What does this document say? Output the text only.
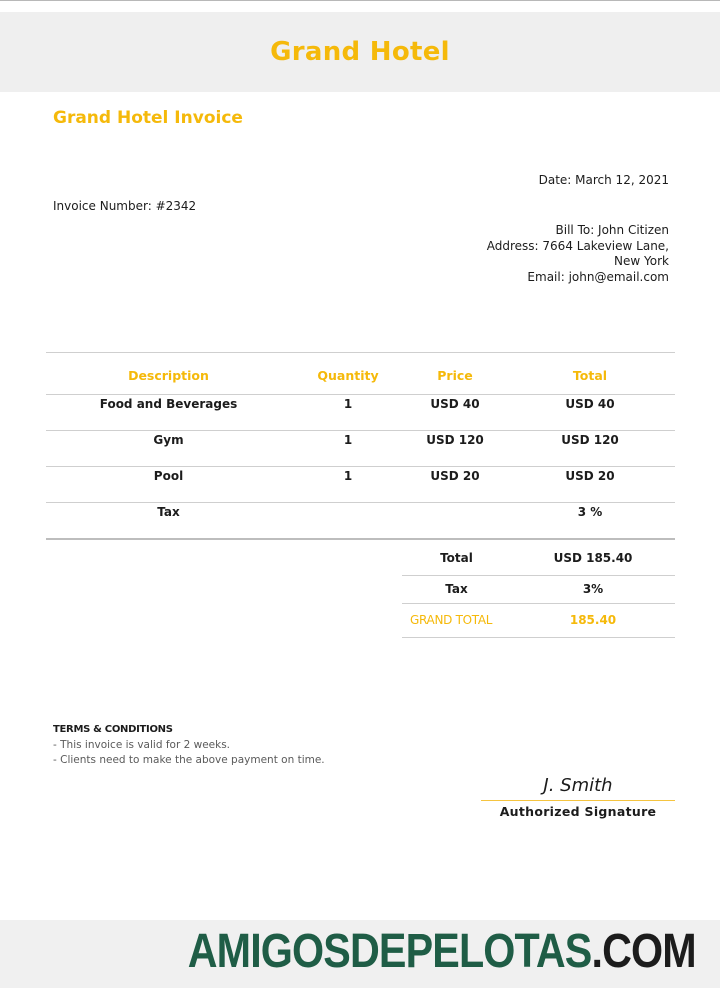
Grand Hotel
Grand Hotel Invoice
Date: March 12, 2021
Invoice Number: #2342
Bill To: John Citizen
Address: 7664 Lakeview Lane,
New York
Email: john@email.com
Description	Quantity	Price	Total
Food and Beverages	1	USD 40	USD 40
Gym	1	USD 120	USD 120
Pool	1	USD 20	USD 20
Tax			3 %
Total	USD 185.40
Tax	3%
GRAND TOTAL	185.40
TERMS & CONDITIONS
- This invoice is valid for 2 weeks.
- Clients need to make the above payment on time.
J. Smith
Authorized Signature
AMIGOSDEPELOTAS.COM
